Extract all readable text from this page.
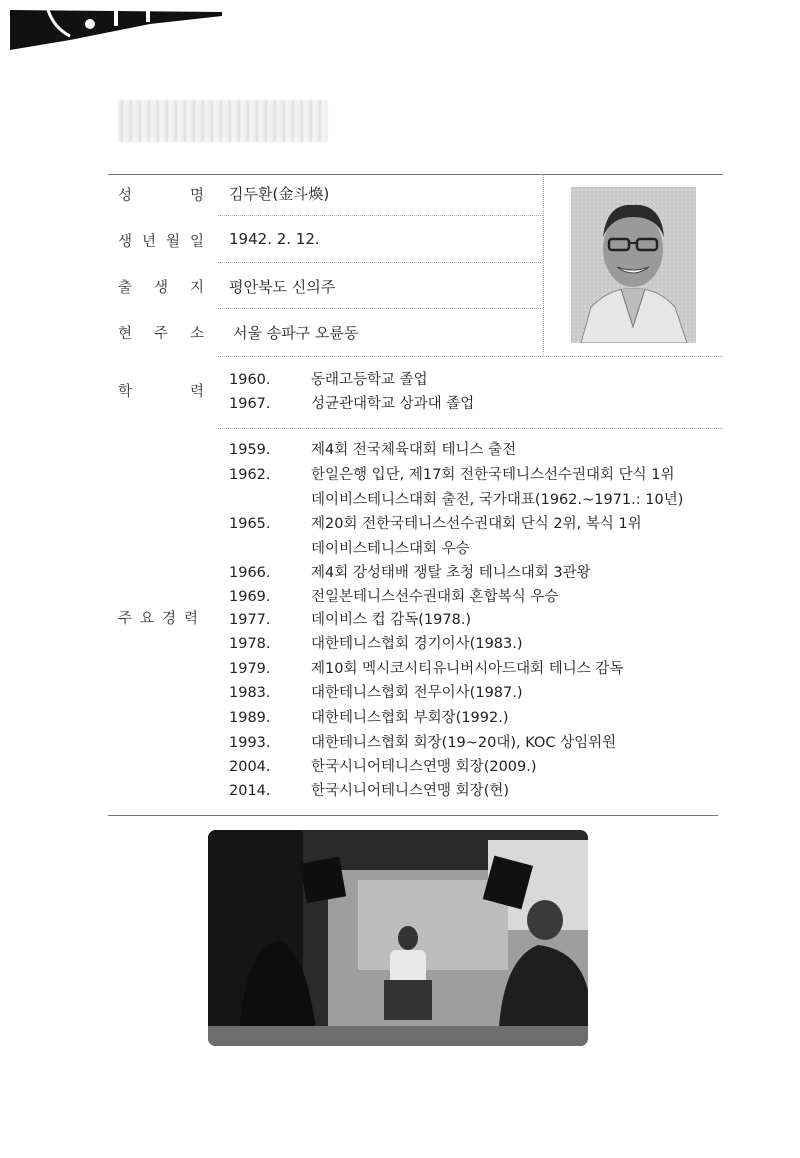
성	명 김두환(金斗煥)
생 년 월 일 1942. 2. 12.
출 생 지 평안북도 신의주
현 주 소 서울 송파구 오륜동
학	력
1960.	동래고등학교 졸업
1967.	성균관대학교 상과대 졸업
주 요 경 력
1959.	제4회 전국체육대회 테니스 출전
1962.	한일은행 입단, 제17회 전한국테니스선수권대회 단식 1위
데이비스테니스대회 출전, 국가대표(1962.~1971.: 10년)
1965.	제20회 전한국테니스선수권대회 단식 2위, 복식 1위
데이비스테니스대회 우승
1966.	제4회 강성태배 쟁탈 초청 테니스대회 3관왕
1969.	전일본테니스선수권대회 혼합복식 우승
1977.	데이비스 컵 감독(1978.)
1978.	대한테니스협회 경기이사(1983.)
1979.	제10회 멕시코시티유니버시아드대회 테니스 감독
1983.	대한테니스협회 전무이사(1987.)
1989.	대한테니스협회 부회장(1992.)
1993.	대한테니스협회 회장(19~20대), KOC 상임위원
2004.	한국시니어테니스연맹 회장(2009.)
2014.	한국시니어테니스연맹 회장(현)
